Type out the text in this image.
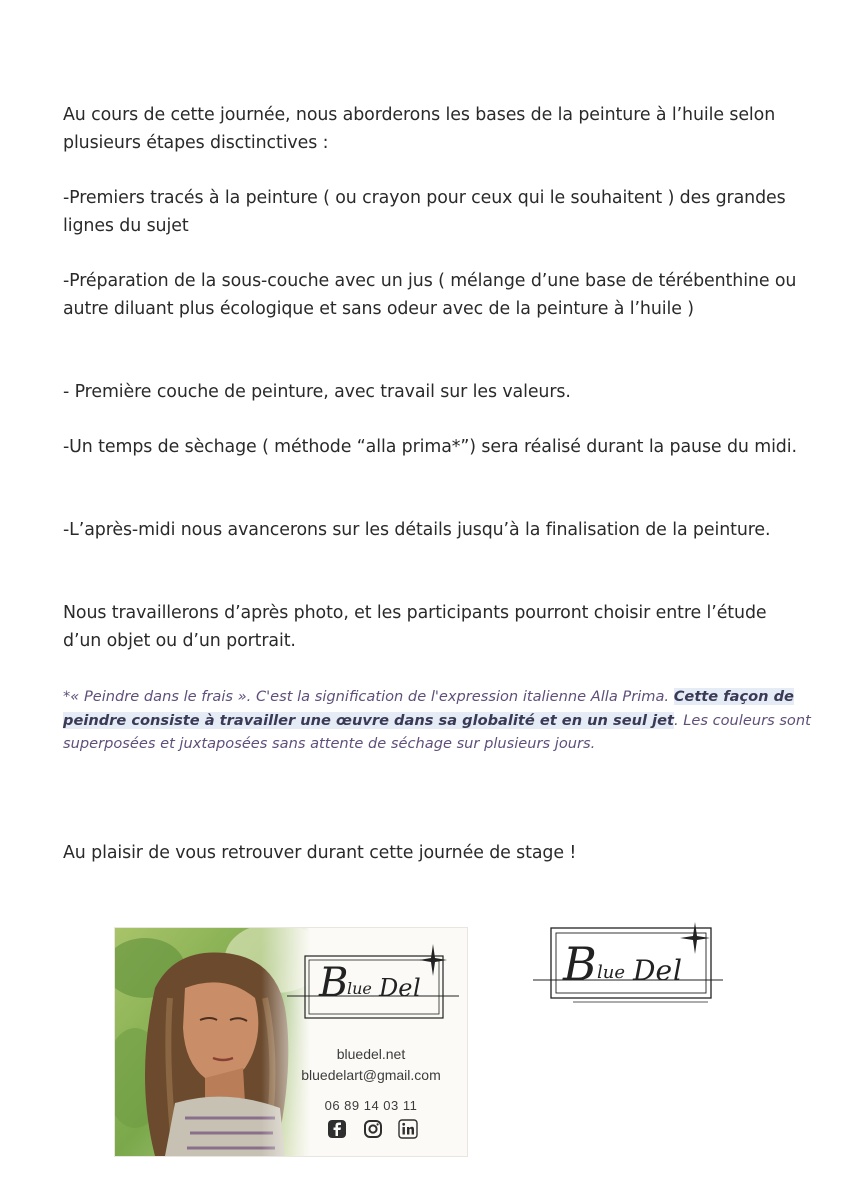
Au cours de cette journée, nous aborderons les bases de la peinture à l’huile selon plusieurs étapes disctinctives :

-Premiers tracés à la peinture ( ou crayon pour ceux qui le souhaitent ) des grandes lignes du sujet

-Préparation de la sous-couche avec un jus ( mélange d’une base de térébenthine ou autre diluant plus écologique et sans odeur avec de la peinture à l’huile )

- Première couche de peinture, avec travail sur les valeurs.

-Un temps de sèchage ( méthode “alla prima*”) sera réalisé durant la pause du midi.

-L’après-midi nous avancerons sur les détails jusqu’à la finalisation de la peinture.

Nous travaillerons d’après photo, et les participants pourront choisir entre l’étude d’un objet ou d’un portrait.

*« Peindre dans le frais ». C'est la signification de l'expression italienne Alla Prima. Cette façon de peindre consiste à travailler une œuvre dans sa globalité et en un seul jet. Les couleurs sont superposées et juxtaposées sans attente de séchage sur plusieurs jours.

Au plaisir de vous retrouver durant cette journée de stage !

B
lue De l
bluedel.net
bluedelart@gmail.com
06 89 14 03 11
B lue De l
